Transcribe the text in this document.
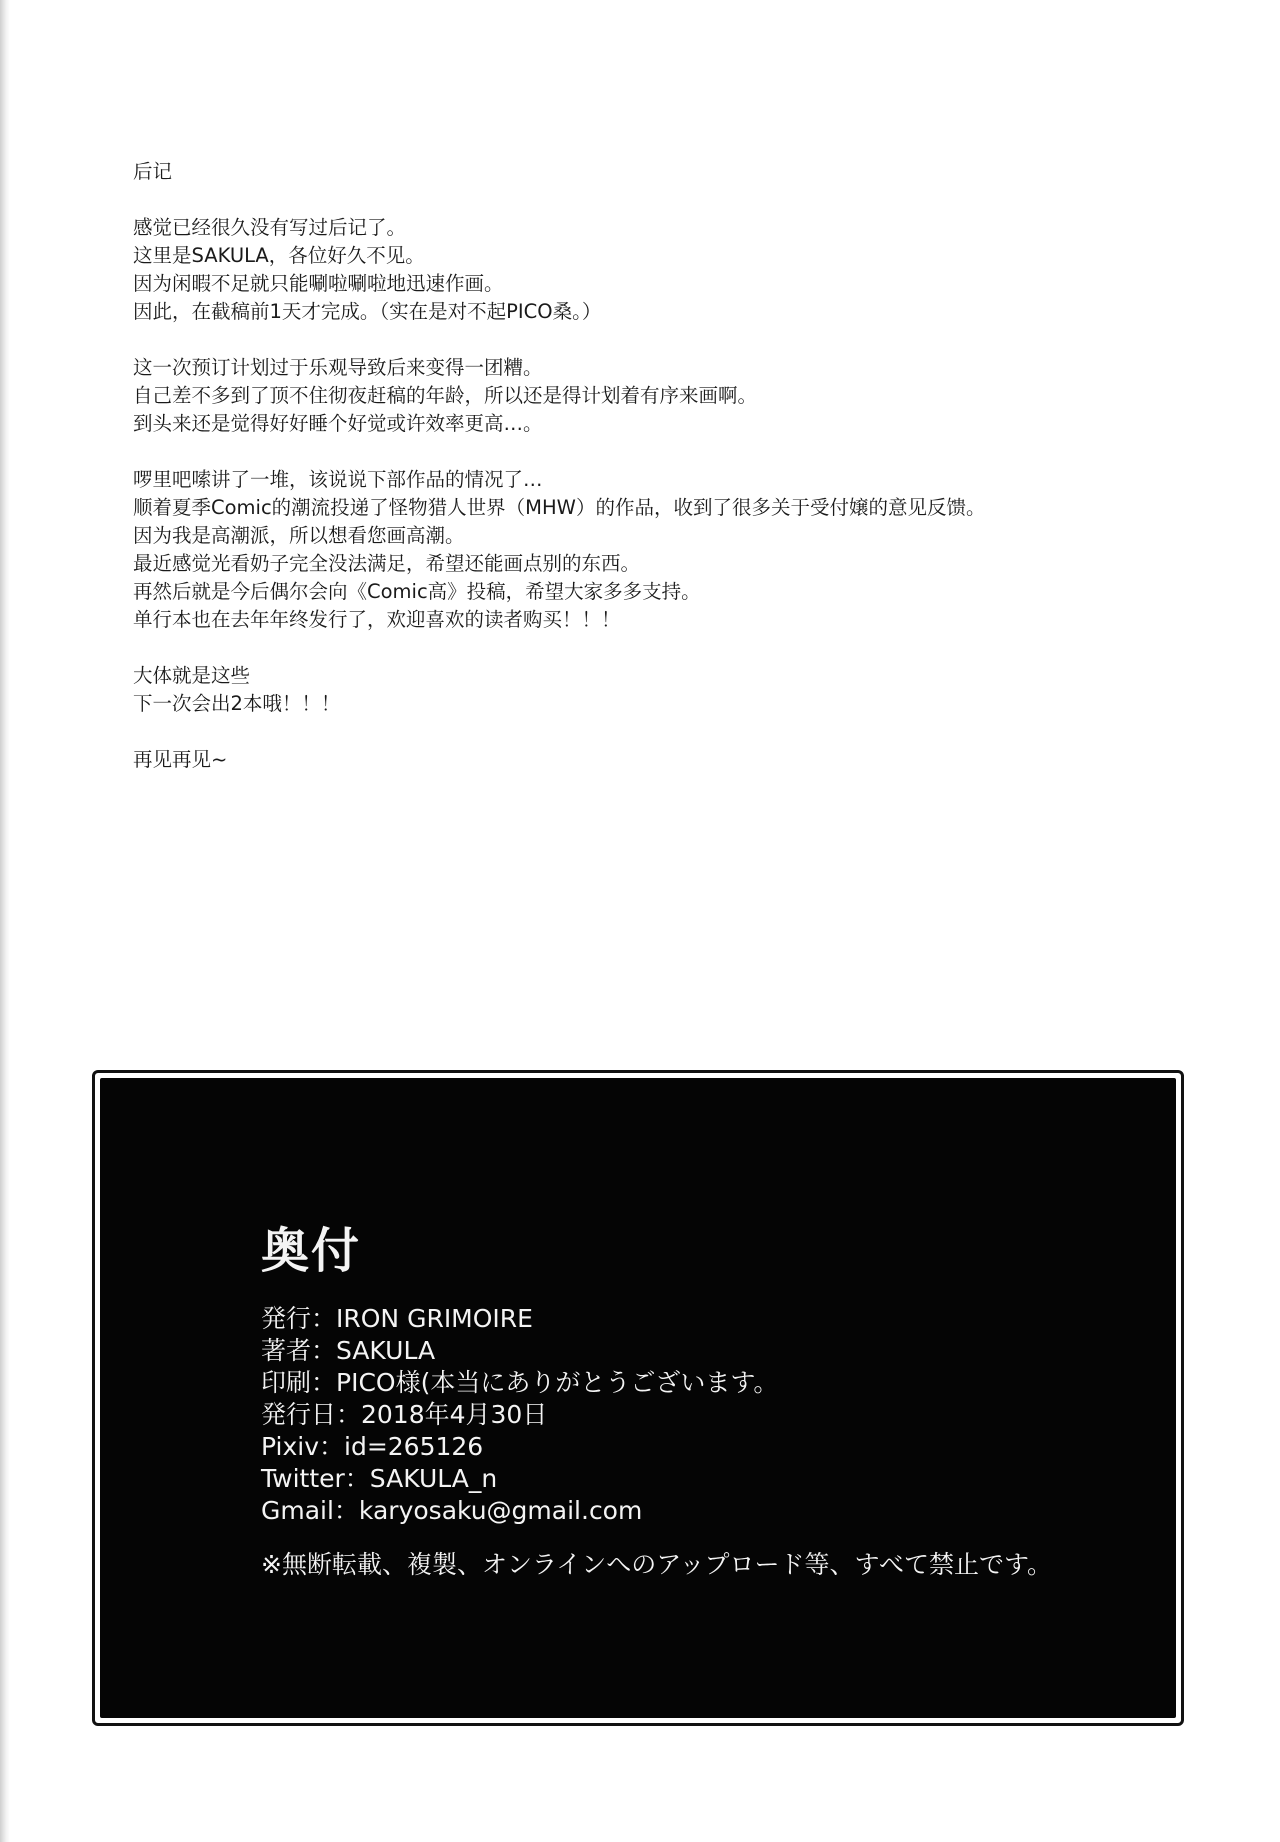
后记
感觉已经很久没有写过后记了。
这里是SAKULA，各位好久不见。
因为闲暇不足就只能唰啦唰啦地迅速作画。
因此，在截稿前1天才完成。（实在是对不起PICO桑。）
这一次预订计划过于乐观导致后来变得一团糟。
自己差不多到了顶不住彻夜赶稿的年龄，所以还是得计划着有序来画啊。
到头来还是觉得好好睡个好觉或许效率更高…。
啰里吧嗦讲了一堆，该说说下部作品的情况了…
顺着夏季Comic的潮流投递了怪物猎人世界（MHW）的作品，收到了很多关于受付嬢的意见反馈。
因为我是高潮派，所以想看您画高潮。
最近感觉光看奶子完全没法满足，希望还能画点别的东西。
再然后就是今后偶尔会向《Comic高》投稿，希望大家多多支持。
单行本也在去年年终发行了，欢迎喜欢的读者购买！！！
大体就是这些
下一次会出2本哦！！！
再见再见~
奥付
発行：IRON GRIMOIRE
著者：SAKULA
印刷：PICO様(本当にありがとうございます。
発行日：2018年4月30日
Pixiv：id=265126
Twitter：SAKULA_n
Gmail：karyosaku@gmail.com
※無断転載、複製、オンラインへのアップロード等、すべて禁止です。
